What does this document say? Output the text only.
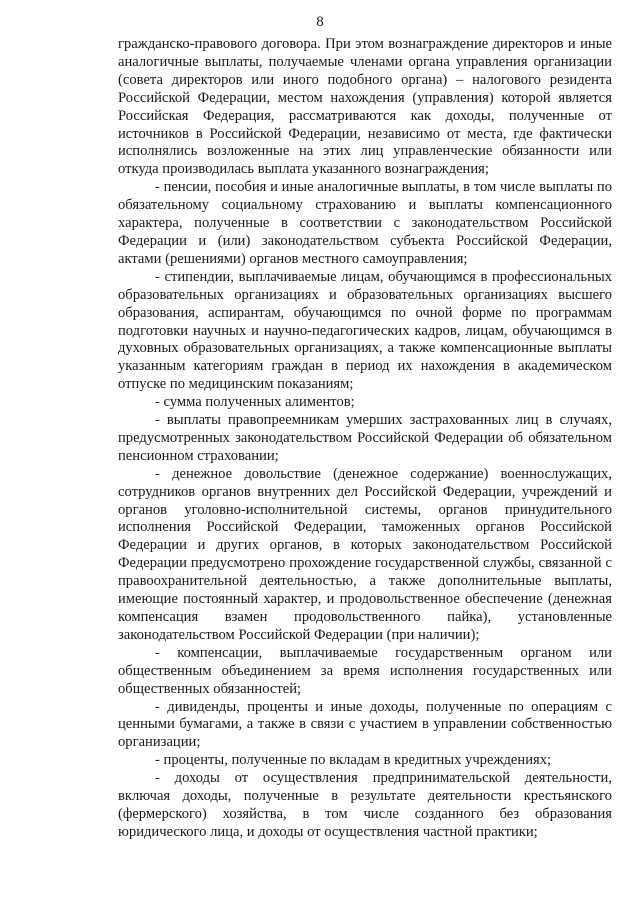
8

гражданско-правового договора. При этом вознаграждение директоров и иные аналогичные выплаты, получаемые членами органа управления организации (совета директоров или иного подобного органа) – налогового резидента Российской Федерации, местом нахождения (управления) которой является Российская Федерация, рассматриваются как доходы, полученные от источников в Российской Федерации, независимо от места, где фактически исполнялись возложенные на этих лиц управленческие обязанности или откуда производилась выплата указанного вознаграждения;

- пенсии, пособия и иные аналогичные выплаты, в том числе выплаты по обязательному социальному страхованию и выплаты компенсационного характера, полученные в соответствии с законодательством Российской Федерации и (или) законодательством субъекта Российской Федерации, актами (решениями) органов местного самоуправления;

- стипендии, выплачиваемые лицам, обучающимся в профессиональных образовательных организациях и образовательных организациях высшего образования, аспирантам, обучающимся по очной форме по программам подготовки научных и научно-педагогических кадров, лицам, обучающимся в духовных образовательных организациях, а также компенсационные выплаты указанным категориям граждан в период их нахождения в академическом отпуске по медицинским показаниям;

- сумма полученных алиментов;

- выплаты правопреемникам умерших застрахованных лиц в случаях, предусмотренных законодательством Российской Федерации об обязательном пенсионном страховании;

- денежное довольствие (денежное содержание) военнослужащих, сотрудников органов внутренних дел Российской Федерации, учреждений и органов уголовно-исполнительной системы, органов принудительного исполнения Российской Федерации, таможенных органов Российской Федерации и других органов, в которых законодательством Российской Федерации предусмотрено прохождение государственной службы, связанной с правоохранительной деятельностью, а также дополнительные выплаты, имеющие постоянный характер, и продовольственное обеспечение (денежная компенсация взамен продовольственного пайка), установленные законодательством Российской Федерации (при наличии);

- компенсации, выплачиваемые государственным органом или общественным объединением за время исполнения государственных или общественных обязанностей;

- дивиденды, проценты и иные доходы, полученные по операциям с ценными бумагами, а также в связи с участием в управлении собственностью организации;

- проценты, полученные по вкладам в кредитных учреждениях;

- доходы от осуществления предпринимательской деятельности, включая доходы, полученные в результате деятельности крестьянского (фермерского) хозяйства, в том числе созданного без образования юридического лица, и доходы от осуществления частной практики;
